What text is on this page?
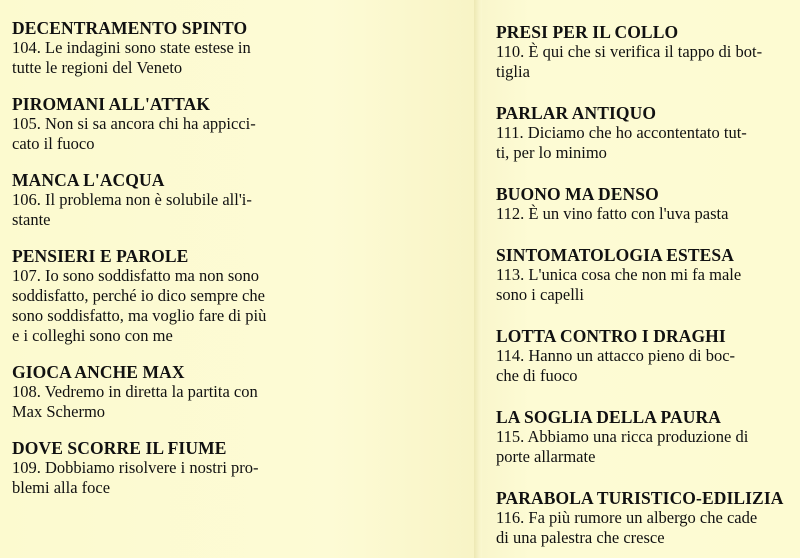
DECENTRAMENTO SPINTO
104. Le indagini sono state estese in
tutte le regioni del Veneto
PIROMANI ALL'ATTAK
105. Non si sa ancora chi ha appicci-
cato il fuoco
MANCA L'ACQUA
106. Il problema non è solubile all'i-
stante
PENSIERI E PAROLE
107. Io sono soddisfatto ma non sono
soddisfatto, perché io dico sempre che
sono soddisfatto, ma voglio fare di più
e i colleghi sono con me
GIOCA ANCHE MAX
108. Vedremo in diretta la partita con
Max Schermo
DOVE SCORRE IL FIUME
109. Dobbiamo risolvere i nostri pro-
blemi alla foce
PRESI PER IL COLLO
110. È qui che si verifica il tappo di bot-
tiglia
PARLAR ANTIQUO
111. Diciamo che ho accontentato tut-
ti, per lo minimo
BUONO MA DENSO
112. È un vino fatto con l'uva pasta
SINTOMATOLOGIA ESTESA
113. L'unica cosa che non mi fa male
sono i capelli
LOTTA CONTRO I DRAGHI
114. Hanno un attacco pieno di boc-
che di fuoco
LA SOGLIA DELLA PAURA
115. Abbiamo una ricca produzione di
porte allarmate
PARABOLA TURISTICO-EDILIZIA
116. Fa più rumore un albergo che cade
di una palestra che cresce
